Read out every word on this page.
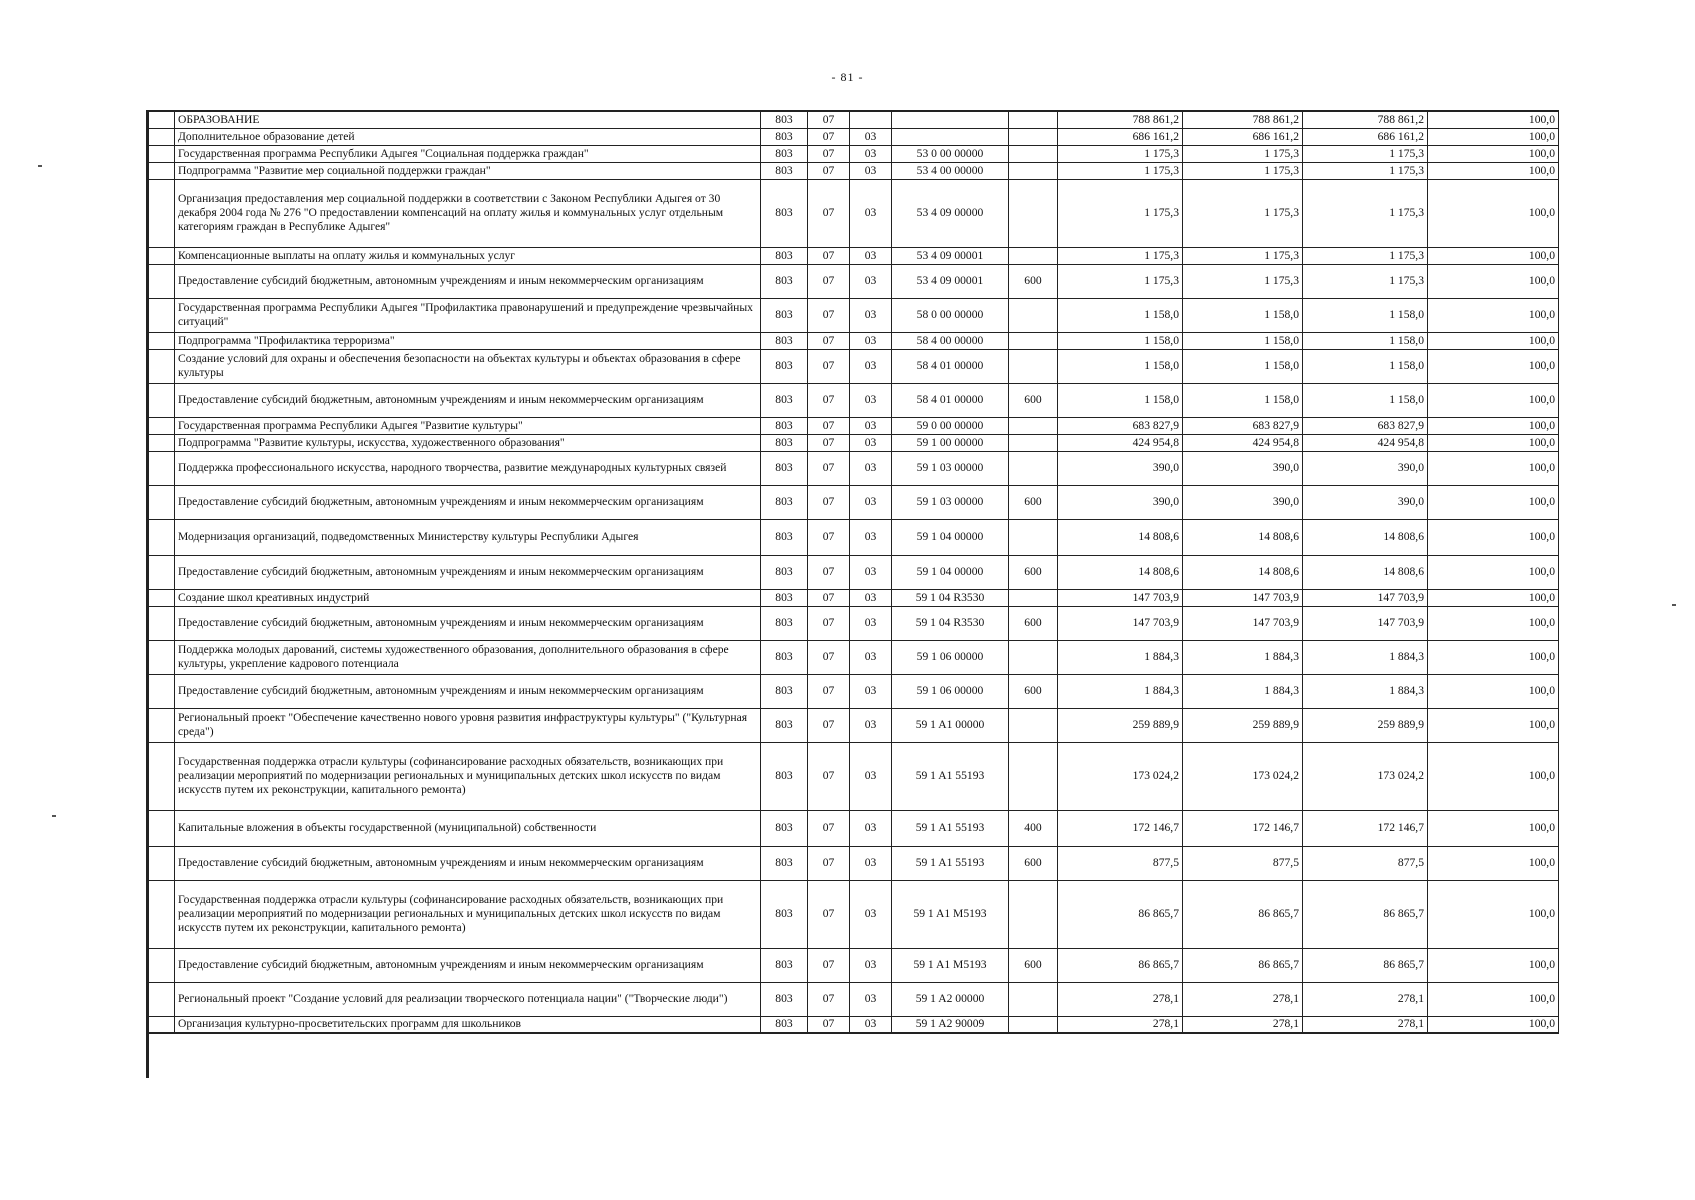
- 81 -
	ОБРАЗОВАНИЕ	803	07				788 861,2	788 861,2	788 861,2	100,0
	Дополнительное образование детей	803	07	03			686 161,2	686 161,2	686 161,2	100,0
	Государственная программа Республики Адыгея "Социальная поддержка граждан"	803	07	03	53 0 00 00000		1 175,3	1 175,3	1 175,3	100,0
	Подпрограмма "Развитие мер социальной поддержки граждан"	803	07	03	53 4 00 00000		1 175,3	1 175,3	1 175,3	100,0
	Организация предоставления мер социальной поддержки в соответствии с Законом Республики Адыгея от 30 декабря 2004 года № 276 "О предоставлении компенсаций на оплату жилья и коммунальных услуг отдельным категориям граждан в Республике Адыгея"	803	07	03	53 4 09 00000		1 175,3	1 175,3	1 175,3	100,0
	Компенсационные выплаты на оплату жилья и коммунальных услуг	803	07	03	53 4 09 00001		1 175,3	1 175,3	1 175,3	100,0
	Предоставление субсидий бюджетным, автономным учреждениям и иным некоммерческим организациям	803	07	03	53 4 09 00001	600	1 175,3	1 175,3	1 175,3	100,0
	Государственная программа Республики Адыгея "Профилактика правонарушений и предупреждение чрезвычайных ситуаций"	803	07	03	58 0 00 00000		1 158,0	1 158,0	1 158,0	100,0
	Подпрограмма "Профилактика терроризма"	803	07	03	58 4 00 00000		1 158,0	1 158,0	1 158,0	100,0
	Создание условий для охраны и обеспечения безопасности на объектах культуры и объектах образования в сфере культуры	803	07	03	58 4 01 00000		1 158,0	1 158,0	1 158,0	100,0
	Предоставление субсидий бюджетным, автономным учреждениям и иным некоммерческим организациям	803	07	03	58 4 01 00000	600	1 158,0	1 158,0	1 158,0	100,0
	Государственная программа Республики Адыгея "Развитие культуры"	803	07	03	59 0 00 00000		683 827,9	683 827,9	683 827,9	100,0
	Подпрограмма "Развитие культуры, искусства, художественного образования"	803	07	03	59 1 00 00000		424 954,8	424 954,8	424 954,8	100,0
	Поддержка профессионального искусства, народного творчества, развитие международных культурных связей	803	07	03	59 1 03 00000		390,0	390,0	390,0	100,0
	Предоставление субсидий бюджетным, автономным учреждениям и иным некоммерческим организациям	803	07	03	59 1 03 00000	600	390,0	390,0	390,0	100,0
	Модернизация организаций, подведомственных Министерству культуры Республики Адыгея	803	07	03	59 1 04 00000		14 808,6	14 808,6	14 808,6	100,0
	Предоставление субсидий бюджетным, автономным учреждениям и иным некоммерческим организациям	803	07	03	59 1 04 00000	600	14 808,6	14 808,6	14 808,6	100,0
	Создание школ креативных индустрий	803	07	03	59 1 04 R3530		147 703,9	147 703,9	147 703,9	100,0
	Предоставление субсидий бюджетным, автономным учреждениям и иным некоммерческим организациям	803	07	03	59 1 04 R3530	600	147 703,9	147 703,9	147 703,9	100,0
	Поддержка молодых дарований, системы художественного образования, дополнительного образования в сфере культуры, укрепление кадрового потенциала	803	07	03	59 1 06 00000		1 884,3	1 884,3	1 884,3	100,0
	Предоставление субсидий бюджетным, автономным учреждениям и иным некоммерческим организациям	803	07	03	59 1 06 00000	600	1 884,3	1 884,3	1 884,3	100,0
	Региональный проект "Обеспечение качественно нового уровня развития инфраструктуры культуры" ("Культурная среда")	803	07	03	59 1 A1 00000		259 889,9	259 889,9	259 889,9	100,0
	Государственная поддержка отрасли культуры (софинансирование расходных обязательств, возникающих при реализации мероприятий по модернизации региональных и муниципальных детских школ искусств по видам искусств путем их реконструкции, капитального ремонта)	803	07	03	59 1 A1 55193		173 024,2	173 024,2	173 024,2	100,0
	Капитальные вложения в объекты государственной (муниципальной) собственности	803	07	03	59 1 A1 55193	400	172 146,7	172 146,7	172 146,7	100,0
	Предоставление субсидий бюджетным, автономным учреждениям и иным некоммерческим организациям	803	07	03	59 1 A1 55193	600	877,5	877,5	877,5	100,0
	Государственная поддержка отрасли культуры (софинансирование расходных обязательств, возникающих при реализации мероприятий по модернизации региональных и муниципальных детских школ искусств по видам искусств путем их реконструкции, капитального ремонта)	803	07	03	59 1 A1 M5193		86 865,7	86 865,7	86 865,7	100,0
	Предоставление субсидий бюджетным, автономным учреждениям и иным некоммерческим организациям	803	07	03	59 1 A1 M5193	600	86 865,7	86 865,7	86 865,7	100,0
	Региональный проект "Создание условий для реализации творческого потенциала нации" ("Творческие люди")	803	07	03	59 1 A2 00000		278,1	278,1	278,1	100,0
	Организация культурно-просветительских программ для школьников	803	07	03	59 1 A2 90009		278,1	278,1	278,1	100,0
